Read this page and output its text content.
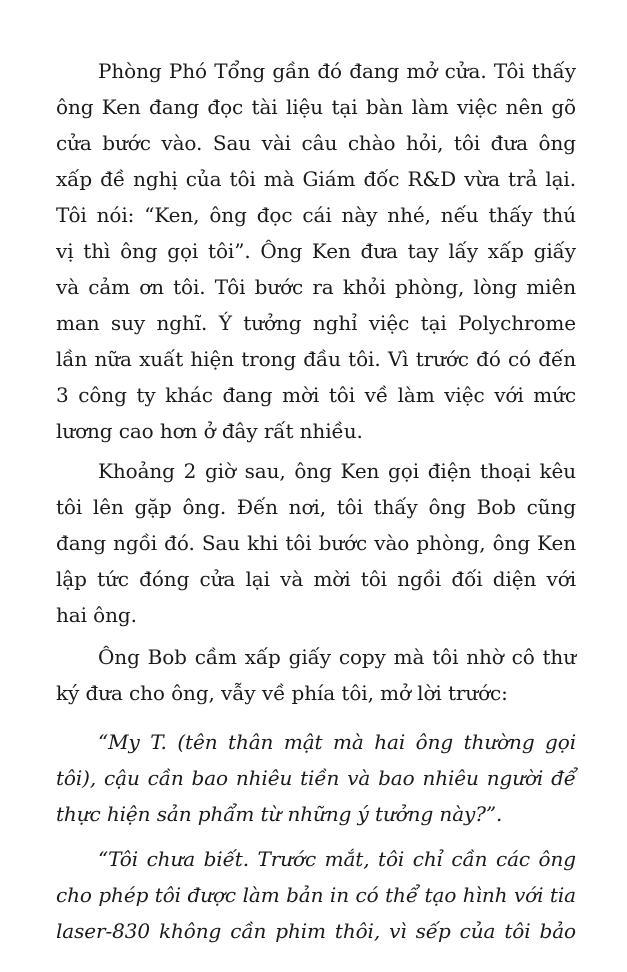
Phòng Phó Tổng gần đó đang mở cửa. Tôi thấy
ông Ken đang đọc tài liệu tại bàn làm việc nên gõ
cửa bước vào. Sau vài câu chào hỏi, tôi đưa ông
xấp đề nghị của tôi mà Giám đốc R&D vừa trả lại.
Tôi nói: “Ken, ông đọc cái này nhé, nếu thấy thú
vị thì ông gọi tôi”. Ông Ken đưa tay lấy xấp giấy
và cảm ơn tôi. Tôi bước ra khỏi phòng, lòng miên
man suy nghĩ. Ý tưởng nghỉ việc tại Polychrome
lần nữa xuất hiện trong đầu tôi. Vì trước đó có đến
3 công ty khác đang mời tôi về làm việc với mức
lương cao hơn ở đây rất nhiều.
Khoảng 2 giờ sau, ông Ken gọi điện thoại kêu
tôi lên gặp ông. Đến nơi, tôi thấy ông Bob cũng
đang ngồi đó. Sau khi tôi bước vào phòng, ông Ken
lập tức đóng cửa lại và mời tôi ngồi đối diện với
hai ông.
Ông Bob cầm xấp giấy copy mà tôi nhờ cô thư
ký đưa cho ông, vẫy về phía tôi, mở lời trước:
“My T. (tên thân mật mà hai ông thường gọi
tôi), cậu cần bao nhiêu tiền và bao nhiêu người để
thực hiện sản phẩm từ những ý tưởng này?”.
“Tôi chưa biết. Trước mắt, tôi chỉ cần các ông
cho phép tôi được làm bản in có thể tạo hình với tia
laser-830 không cần phim thôi, vì sếp của tôi bảo
